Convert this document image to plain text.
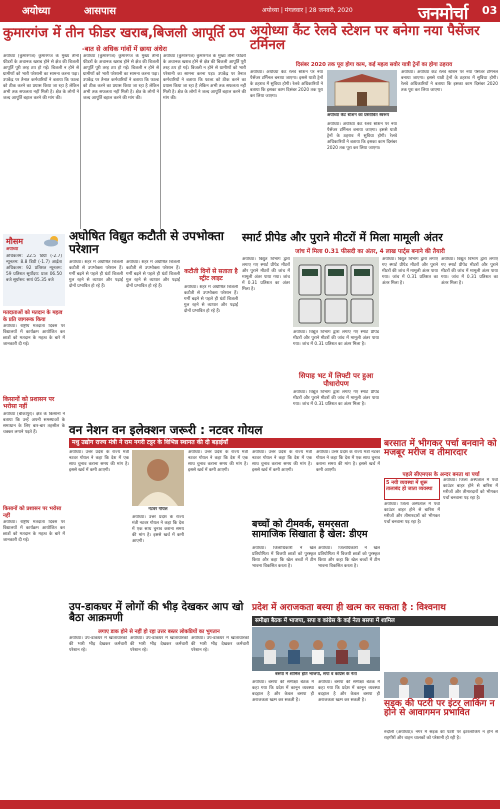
अयोध्या	आसपास	अयोध्या | मंगलवार | 28 जनवरी, 2020	जनमोर्चा 03
कुमारगंज में तीन फीडर खराब,बिजली आपूर्ति ठप
-बात से अधिक गांवों में छाया अंधेरा
अयोध्या (कुमारगंज) कुमारगंज के मुख्य तीनों फीडरों के अचानक खराब होने से क्षेत्र की बिजली आपूर्ति पूरी तरह ठप हो गई। बिजली न होने से ग्रामीणों को भारी परेशानी का सामना करना पड़ा। उपकेंद्र पर तैनात कर्मचारियों ने बताया कि फाल्ट को ठीक करने का प्रयास किया जा रहा है लेकिन अभी तक सफलता नहीं मिली है। क्षेत्र के लोगों ने जल्द आपूर्ति बहाल करने की मांग की।
अयोध्या (कुमारगंज) कुमारगंज के मुख्य तीनों फीडरों के अचानक खराब होने से क्षेत्र की बिजली आपूर्ति पूरी तरह ठप हो गई। बिजली न होने से ग्रामीणों को भारी परेशानी का सामना करना पड़ा। उपकेंद्र पर तैनात कर्मचारियों ने बताया कि फाल्ट को ठीक करने का प्रयास किया जा रहा है लेकिन अभी तक सफलता नहीं मिली है। क्षेत्र के लोगों ने जल्द आपूर्ति बहाल करने की मांग की।
अयोध्या (कुमारगंज) कुमारगंज के मुख्य तीनों फीडरों के अचानक खराब होने से क्षेत्र की बिजली आपूर्ति पूरी तरह ठप हो गई। बिजली न होने से ग्रामीणों को भारी परेशानी का सामना करना पड़ा। उपकेंद्र पर तैनात कर्मचारियों ने बताया कि फाल्ट को ठीक करने का प्रयास किया जा रहा है लेकिन अभी तक सफलता नहीं मिली है। क्षेत्र के लोगों ने जल्द आपूर्ति बहाल करने की मांग की।
अयोध्या कैंट रेलवे स्टेशन पर बनेगा नया पैसेंजर टर्मिनल
दिसंबर 2020 तक पूरा होगा काम, कई महत्व सवोर यात्री ट्रेनों का होगा ठहराव
अयोध्या। अयोध्या कैंट रेलवे स्टेशन पर नया पैसेंजर टर्मिनल बनाया जाएगा। इससे यात्री ट्रेनों के ठहराव में सुविधा होगी। रेलवे अधिकारियों ने बताया कि इसका काम दिसंबर 2020 तक पूरा कर लिया जाएगा।
अयोध्या कैंट स्टेशन का प्रस्तावित स्वरूप
अयोध्या। अयोध्या कैंट रेलवे स्टेशन पर नया पैसेंजर टर्मिनल बनाया जाएगा। इससे यात्री ट्रेनों के ठहराव में सुविधा होगी। रेलवे अधिकारियों ने बताया कि इसका काम दिसंबर 2020 तक पूरा कर लिया जाएगा।
अयोध्या। अयोध्या कैंट रेलवे स्टेशन पर नया पैसेंजर टर्मिनल बनाया जाएगा। इससे यात्री ट्रेनों के ठहराव में सुविधा होगी। रेलवे अधिकारियों ने बताया कि इसका काम दिसंबर 2020 तक पूरा कर लिया जाएगा।
मौसम
अयोध्या
अधिकतम: 22.5 डिग्री (-2.7) न्यूनतम: 8.8 डिग्री (-1.7) आर्द्रता अधिकतम: 92 प्रतिशत न्यूनतम: 59 प्रतिशत सूर्योदय: प्रातः 06.50 बजे सूर्यास्त: सायं 05.35 बजे
मतदाताओं को मतदान के महत्व के प्रति जागरूक किया
अयोध्या। राष्ट्रीय मतदाता दिवस पर विद्यालयों में कार्यक्रम आयोजित कर छात्रों को मतदान के महत्व के बारे में जानकारी दी गई।
किसानों को प्रशासन पर भरोसा नहीं
अयोध्या (बीकापुर)। क्षेत्र के किसानों ने बताया कि उन्हें अपनी समस्याओं के समाधान के लिए बार-बार तहसील के चक्कर लगाने पड़ते हैं।
किसानों को प्रशासन पर भरोसा नहीं
अयोध्या। राष्ट्रीय मतदाता दिवस पर विद्यालयों में कार्यक्रम आयोजित कर छात्रों को मतदान के महत्व के बारे में जानकारी दी गई।
अघोषित विद्युत कटौती से उपभोक्ता परेशान
अयोध्या। शहर में अघोषित बिजली कटौती से उपभोक्ता परेशान हैं। गर्मी बढ़ने से पहले ही घंटों बिजली गुल रहने से व्यापार और पढ़ाई दोनों प्रभावित हो रहे हैं।
अयोध्या। शहर में अघोषित बिजली कटौती से उपभोक्ता परेशान हैं। गर्मी बढ़ने से पहले ही घंटों बिजली गुल रहने से व्यापार और पढ़ाई दोनों प्रभावित हो रहे हैं।
कटौती दिनों से सताता है स्ट्रीट लाइट
अयोध्या। शहर में अघोषित बिजली कटौती से उपभोक्ता परेशान हैं। गर्मी बढ़ने से पहले ही घंटों बिजली गुल रहने से व्यापार और पढ़ाई दोनों प्रभावित हो रहे हैं।
स्मार्ट प्रीपेड और पुराने मीटरों में मिला मामूली अंतर
जांच में मिला 0.31 फीसदी का अंतर, 4 लाख पार्ट्स बनाने की तैयारी
अयोध्या। विद्युत विभाग द्वारा लगाए गए स्मार्ट प्रीपेड मीटरों और पुराने मीटरों की जांच में मामूली अंतर पाया गया। जांच में 0.31 प्रतिशत का अंतर मिला है।
अयोध्या। विद्युत विभाग द्वारा लगाए गए स्मार्ट प्रीपेड मीटरों और पुराने मीटरों की जांच में मामूली अंतर पाया गया। जांच में 0.31 प्रतिशत का अंतर मिला है।
अयोध्या। विद्युत विभाग द्वारा लगाए गए स्मार्ट प्रीपेड मीटरों और पुराने मीटरों की जांच में मामूली अंतर पाया गया। जांच में 0.31 प्रतिशत का अंतर मिला है।
अयोध्या। विद्युत विभाग द्वारा लगाए गए स्मार्ट प्रीपेड मीटरों और पुराने मीटरों की जांच में मामूली अंतर पाया गया। जांच में 0.31 प्रतिशत का अंतर मिला है।
सिपाह भट में लिफ्टी पर हुआ पौधारोपण
अयोध्या। विद्युत विभाग द्वारा लगाए गए स्मार्ट प्रीपेड मीटरों और पुराने मीटरों की जांच में मामूली अंतर पाया गया। जांच में 0.31 प्रतिशत का अंतर मिला है।
बरसात में भीगकर पर्चा बनवाने को मजबूर मरीज व तीमारदार
पहले सीएमएस के अन्दर बनता था पर्चा
5 नयी व्यवस्था में शुरू तालाबंद हो जाता व्यवस्था
अयोध्या। जिला अस्पताल में पर्चा काउंटर बाहर होने से बारिश में मरीजों और तीमारदारों को भीगकर पर्चा बनवाना पड़ रहा है।
अयोध्या। जिला अस्पताल में पर्चा काउंटर बाहर होने से बारिश में मरीजों और तीमारदारों को भीगकर पर्चा बनवाना पड़ रहा है।
वन नेशन वन इलेक्शन जरूरी : नटवर गोयल
मधु उद्योग राज्य मंत्री ने राम नगरी टट्टर के विभिन्न स्थानत की दी बड़ाईयाँ
अयोध्या। उत्तर प्रदेश के राज्य मंत्री नटवर गोयल ने कहा कि देश में एक साथ चुनाव कराना समय की मांग है। इससे खर्च में कमी आएगी।
नटवर गोयल
अयोध्या। उत्तर प्रदेश के राज्य मंत्री नटवर गोयल ने कहा कि देश में एक साथ चुनाव कराना समय की मांग है। इससे खर्च में कमी आएगी।
अयोध्या। उत्तर प्रदेश के राज्य मंत्री नटवर गोयल ने कहा कि देश में एक साथ चुनाव कराना समय की मांग है। इससे खर्च में कमी आएगी।
अयोध्या। उत्तर प्रदेश के राज्य मंत्री नटवर गोयल ने कहा कि देश में एक साथ चुनाव कराना समय की मांग है। इससे खर्च में कमी आएगी।
अयोध्या। उत्तर प्रदेश के राज्य मंत्री नटवर गोयल ने कहा कि देश में एक साथ चुनाव कराना समय की मांग है। इससे खर्च में कमी आएगी।
उप-डाकघर में लोगों की भीड़ देखकर आप खो बैठा आक्रमणी
लगाए डाक होने से नहीं हो रहा उत्तर बस्तर लोकप्रियों का भुगतान
अयोध्या। उप-डाकघर में खाताधारकों की भारी भीड़ देखकर कर्मचारी परेशान रहे।
अयोध्या। उप-डाकघर में खाताधारकों की भारी भीड़ देखकर कर्मचारी परेशान रहे।
अयोध्या। उप-डाकघर में खाताधारकों की भारी भीड़ देखकर कर्मचारी परेशान रहे।
बच्चों को टीमवर्क, समरसता सामाजिक सिखाता है खेल: डीएम
अयोध्या। जिलाधिकारी ने खेल प्रतियोगिता में विजयी छात्रों को पुरस्कृत किया और कहा कि खेल बच्चों में टीम भावना विकसित करता है।
अयोध्या। जिलाधिकारी ने खेल प्रतियोगिता में विजयी छात्रों को पुरस्कृत किया और कहा कि खेल बच्चों में टीम भावना विकसित करता है।
प्रदेश में अराजकता बस्या ही खत्म कर सकता है : विश्वनाथ
समीक्षा बैठक में भाजपा, सपा व कांग्रेस के कई नेता बसपा में शामिल
बसपा में शामिल होते भाजपा, सपा व कांग्रेस के नेता
अयोध्या। बसपा की समीक्षा बैठक में कहा गया कि प्रदेश में कानून व्यवस्था बदहाल है और केवल बसपा ही अराजकता खत्म कर सकती है।
अयोध्या। बसपा की समीक्षा बैठक में कहा गया कि प्रदेश में कानून व्यवस्था बदहाल है और केवल बसपा ही अराजकता खत्म कर सकती है।	सड़क की पटरी पर इंटर लाकिंग न होने से आवागमन प्रभावित
रुदौली (अयोध्या)। नगर में सड़क की पटरी पर इंटरलॉकिंग न होने से राहगीरों और वाहन चालकों को परेशानी हो रही है।
